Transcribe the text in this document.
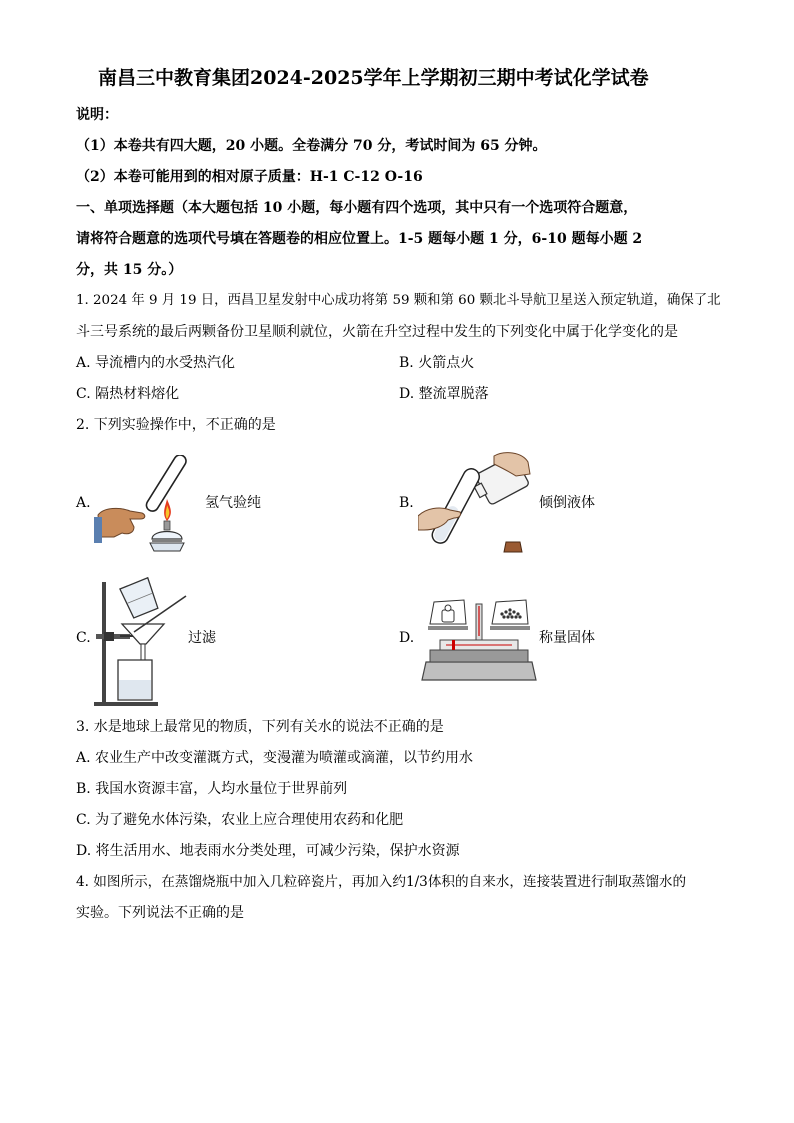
南昌三中教育集团2024-2025学年上学期初三期中考试化学试卷
说明：
（1）本卷共有四大题，20 小题。全卷满分 70 分，考试时间为 65 分钟。
（2）本卷可能用到的相对原子质量：H-1 C-12 O-16
一、单项选择题（本大题包括 10 小题，每小题有四个选项，其中只有一个选项符合题意，
请将符合题意的选项代号填在答题卷的相应位置上。1-5 题每小题 1 分，6-10 题每小题 2
分，共 15 分。）
1. 2024 年 9 月 19 日，西昌卫星发射中心成功将第 59 颗和第 60 颗北斗导航卫星送入预定轨道，确保了北
斗三号系统的最后两颗备份卫星顺利就位，火箭在升空过程中发生的下列变化中属于化学变化的是
A. 导流槽内的水受热汽化	B. 火箭点火
C. 隔热材料熔化	D. 整流罩脱落
2. 下列实验操作中，不正确的是
A.	氢气验纯	B.	倾倒液体
C.	过滤	D.	称量固体
3. 水是地球上最常见的物质，下列有关水的说法不正确的是
A. 农业生产中改变灌溉方式，变漫灌为喷灌或滴灌，以节约用水
B. 我国水资源丰富，人均水量位于世界前列
C. 为了避免水体污染，农业上应合理使用农药和化肥
D. 将生活用水、地表雨水分类处理，可减少污染，保护水资源
4. 如图所示，在蒸馏烧瓶中加入几粒碎瓷片，再加入约1/3体积的自来水，连接装置进行制取蒸馏水的
实验。下列说法不正确的是
